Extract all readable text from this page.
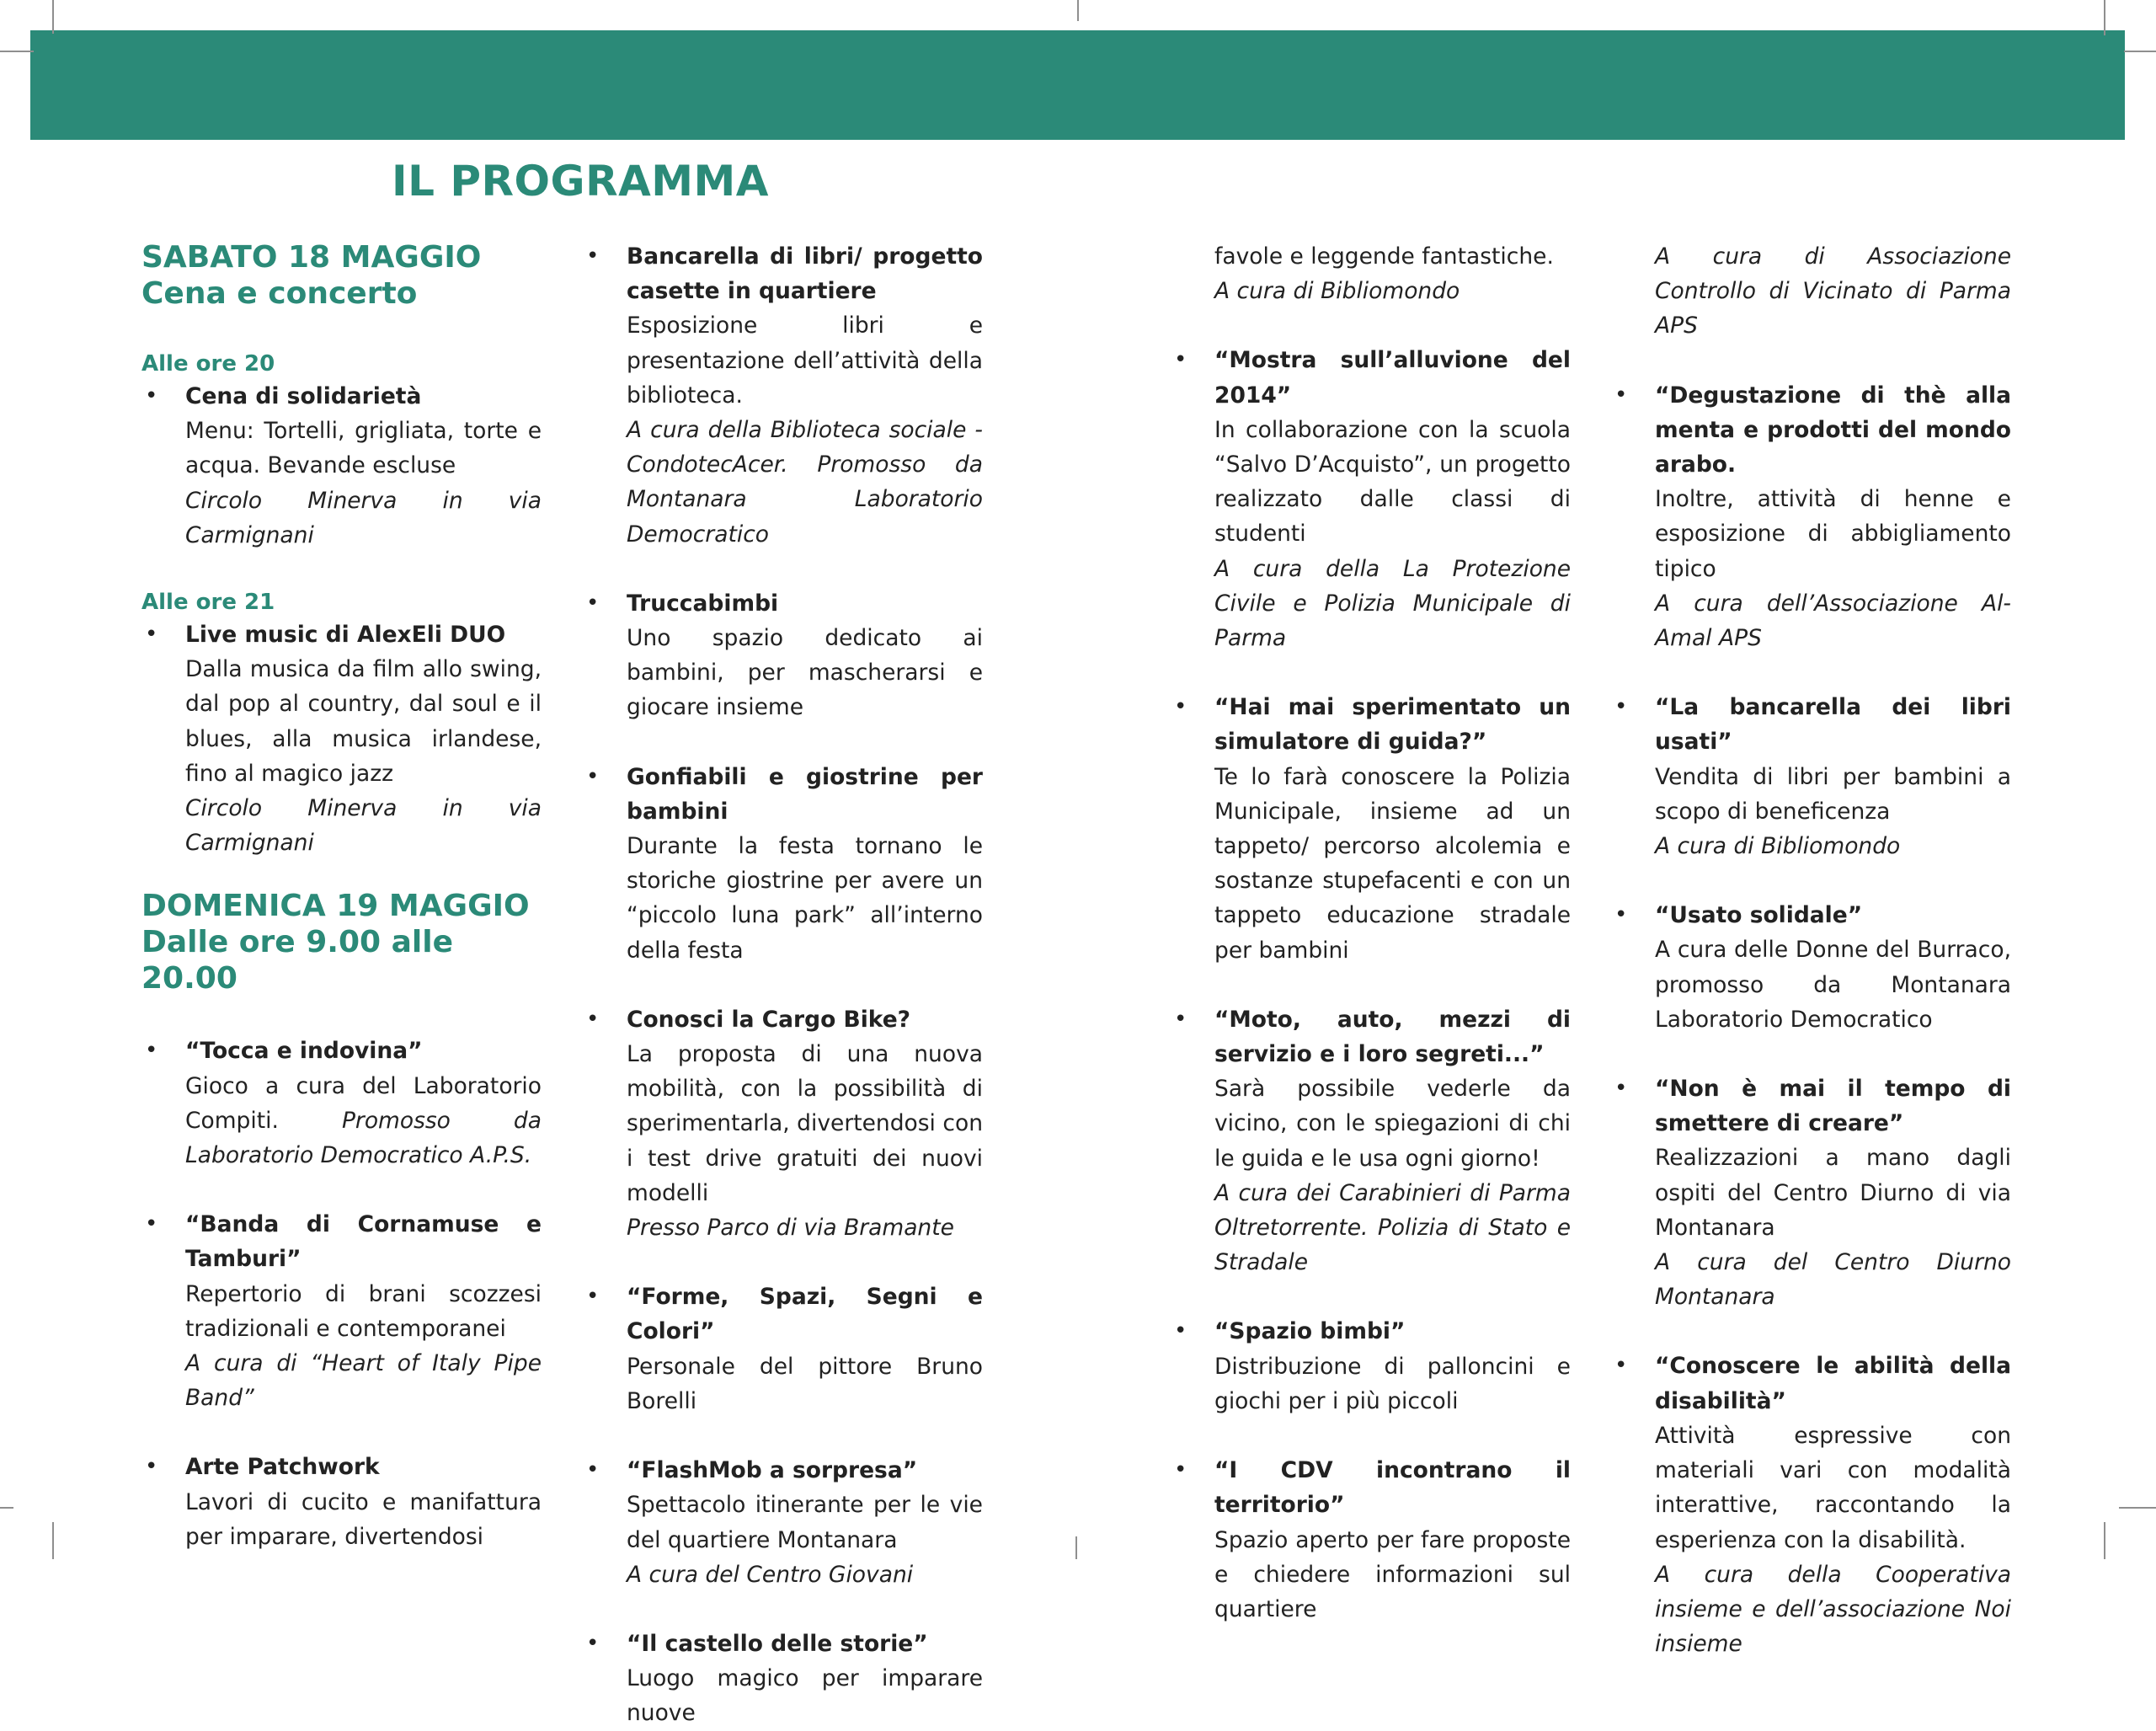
IL PROGRAMMA
SABATO 18 MAGGIO
Cena e concerto
Alle ore 20
• Cena di solidarietà
Menu: Tortelli, grigliata, torte e acqua. Bevande escluse
Circolo Minerva in via Carmignani
Alle ore 21
• Live music di AlexEli DUO
Dalla musica da film allo swing, dal pop al country, dal soul e il blues, alla musica irlandese, fino al magico jazz
Circolo Minerva in via Carmignani
DOMENICA 19 MAGGIO
Dalle ore 9.00 alle 20.00
• “Tocca e indovina”
Gioco a cura del Laboratorio Compiti.	Promosso da Laboratorio Democratico A.P.S.
• “Banda di Cornamuse e Tamburi”
Repertorio di brani scozzesi tradizionali e contemporanei
A cura di “Heart of Italy Pipe Band”
• Arte Patchwork
Lavori di cucito e manifattura per imparare, divertendosi
• Bancarella di libri/ progetto casette in quartiere
Esposizione libri e presentazione dell’attività della biblioteca.
A cura della Biblioteca sociale - CondotecAcer. Promosso da Montanara Laboratorio Democratico
• Truccabimbi
Uno spazio dedicato ai bambini, per mascherarsi e giocare insieme
• Gonfiabili e giostrine per bambini
Durante la festa tornano le storiche giostrine per avere un “piccolo luna park” all’interno della festa
• Conosci la Cargo Bike?
La proposta di una nuova mobilità, con la possibilità di sperimentarla, divertendosi con i test drive gratuiti dei nuovi modelli
Presso Parco di via Bramante
• “Forme, Spazi, Segni e Colori”
Personale del pittore Bruno Borelli
• “FlashMob a sorpresa”
Spettacolo itinerante per le vie del quartiere Montanara
A cura del Centro Giovani
• “Il castello delle storie”
Luogo magico per imparare nuove
favole e leggende fantastiche.
A cura di Bibliomondo
• “Mostra sull’alluvione del 2014”
In collaborazione con la scuola “Salvo D’Acquisto”, un progetto realizzato dalle classi di studenti
A cura della La Protezione Civile e Polizia Municipale di Parma
• “Hai mai sperimentato un simulatore di guida?”
Te lo farà conoscere la Polizia Municipale, insieme ad un tappeto/ percorso alcolemia e sostanze stupefacenti e con un tappeto educazione stradale per bambini
• “Moto, auto, mezzi di servizio e i loro segreti...”
Sarà possibile vederle da vicino, con le spiegazioni di chi le guida e le usa ogni giorno!
A cura dei Carabinieri di Parma Oltretorrente. Polizia di Stato e Stradale
• “Spazio bimbi”
Distribuzione di palloncini e giochi per i più piccoli
• “I CDV incontrano il territorio”
Spazio aperto per fare proposte e chiedere informazioni sul quartiere
A cura di Associazione Controllo di Vicinato di Parma APS
• “Degustazione di thè alla menta e prodotti del mondo arabo.
Inoltre, attività di henne e esposizione di abbigliamento tipico
A cura dell’Associazione Al-Amal APS
• “La bancarella dei libri usati”
Vendita di libri per bambini a scopo di beneficenza
A cura di Bibliomondo
• “Usato solidale”
A cura delle Donne del Burraco, promosso da Montanara Laboratorio Democratico
• “Non è mai il tempo di smettere di creare”
Realizzazioni a mano dagli ospiti del Centro Diurno di via Montanara
A cura del Centro Diurno Montanara
• “Conoscere le abilità della disabilità”
Attività espressive con materiali vari con modalità interattive, raccontando la esperienza con la disabilità.
A cura della Cooperativa insieme e dell’associazione Noi insieme
